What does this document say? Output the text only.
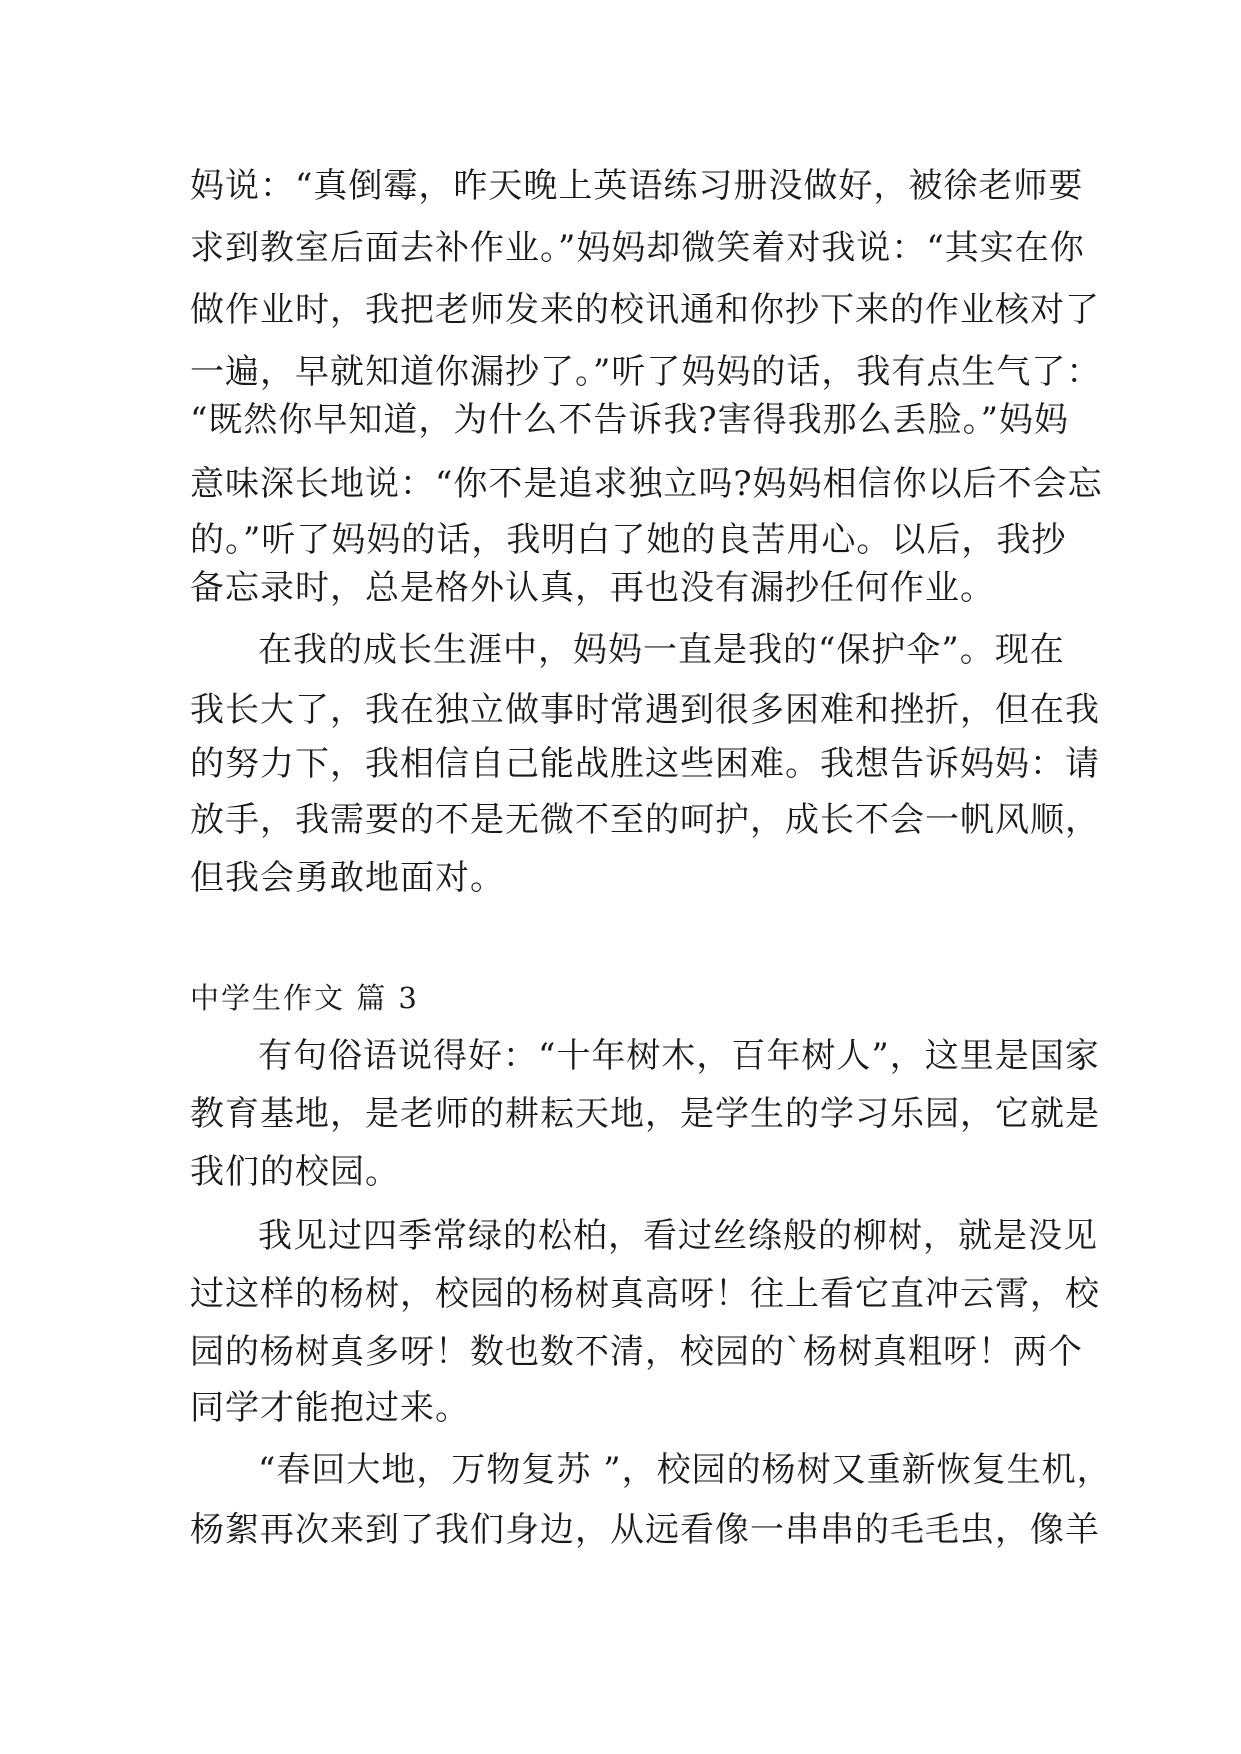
妈说：“真倒霉，昨天晚上英语练习册没做好，被徐老师要
求到教室后面去补作业。”妈妈却微笑着对我说：“其实在你
做作业时，我把老师发来的校讯通和你抄下来的作业核对了
一遍，早就知道你漏抄了。”听了妈妈的话，我有点生气了：
“既然你早知道，为什么不告诉我?害得我那么丢脸。”妈妈
意味深长地说：“你不是追求独立吗?妈妈相信你以后不会忘
的。”听了妈妈的话，我明白了她的良苦用心。以后，我抄
备忘录时，总是格外认真，再也没有漏抄任何作业。
在我的成长生涯中，妈妈一直是我的“保护伞”。现在
我长大了，我在独立做事时常遇到很多困难和挫折，但在我
的努力下，我相信自己能战胜这些困难。我想告诉妈妈：请
放手，我需要的不是无微不至的呵护，成长不会一帆风顺，
但我会勇敢地面对。
中学生作文 篇 3
有句俗语说得好：“十年树木，百年树人”，这里是国家
教育基地，是老师的耕耘天地，是学生的学习乐园，它就是
我们的校园。
我见过四季常绿的松柏，看过丝绦般的柳树，就是没见
过这样的杨树，校园的杨树真高呀！往上看它直冲云霄，校
园的杨树真多呀！数也数不清，校园的`杨树真粗呀！两个
同学才能抱过来。
“春回大地，万物复苏 ”，校园的杨树又重新恢复生机，
杨絮再次来到了我们身边，从远看像一串串的毛毛虫，像羊
